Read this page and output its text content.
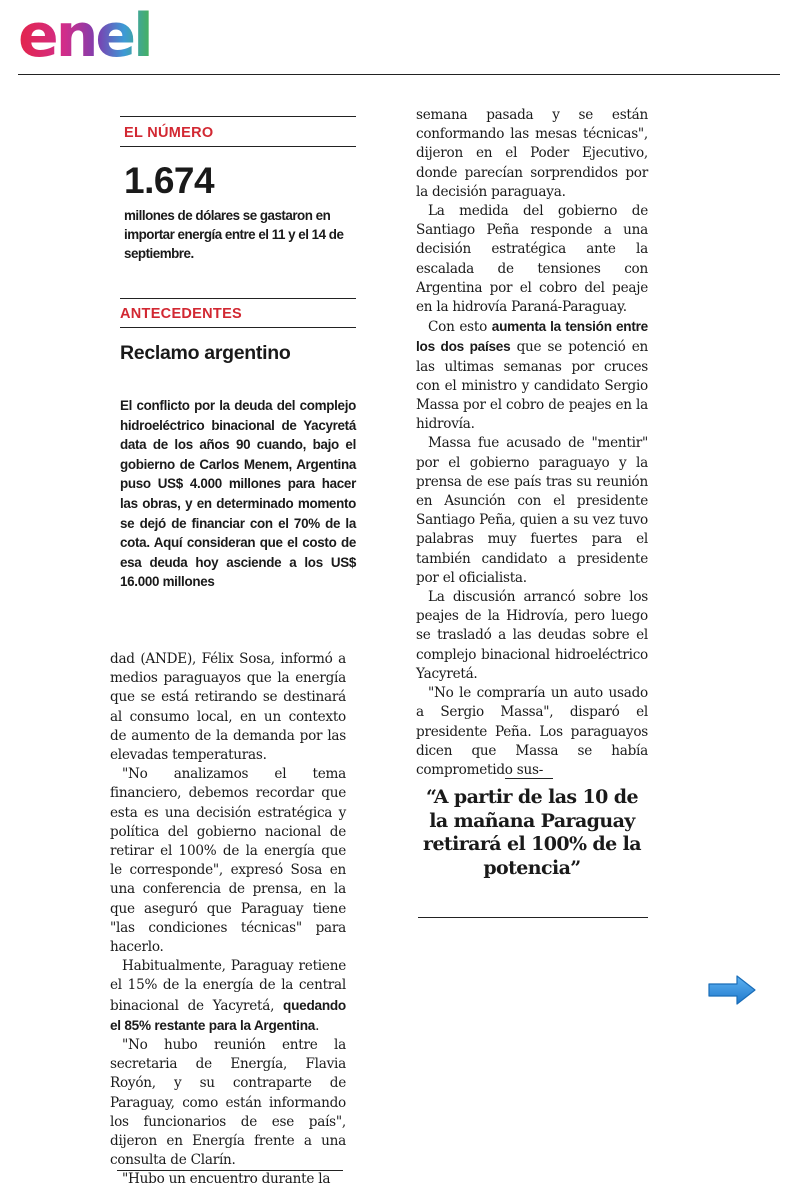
enel
EL NÚMERO
1.674
millones de dólares se gastaron en importar energía entre el 11 y el 14 de septiembre.
ANTECEDENTES
Reclamo argentino
El conflicto por la deuda del complejo hidroeléctrico binacional de Yacyretá data de los años 90 cuando, bajo el gobierno de Carlos Menem, Argentina puso US$ 4.000 millones para hacer las obras, y en determinado momento se dejó de financiar con el 70% de la cota. Aquí consideran que el costo de esa deuda hoy asciende a los US$ 16.000 millones

dad (ANDE), Félix Sosa, informó a medios paraguayos que la energía que se está retirando se destinará al consumo local, en un contexto de aumento de la demanda por las elevadas temperaturas.

"No analizamos el tema financiero, debemos recordar que esta es una decisión estratégica y política del gobierno nacional de retirar el 100% de la energía que le corresponde", expresó Sosa en una conferencia de prensa, en la que aseguró que Paraguay tiene "las condiciones técnicas" para hacerlo.

Habitualmente, Paraguay retiene el 15% de la energía de la central binacional de Yacyretá, quedando el 85% restante para la Argentina.

"No hubo reunión entre la secretaria de Energía, Flavia Royón, y su contraparte de Paraguay, como están informando los funcionarios de ese país", dijeron en Energía frente a una consulta de Clarín.

"Hubo un encuentro durante la

semana pasada y se están conformando las mesas técnicas", dijeron en el Poder Ejecutivo, donde parecían sorprendidos por la decisión paraguaya.

La medida del gobierno de Santiago Peña responde a una decisión estratégica ante la escalada de tensiones con Argentina por el cobro del peaje en la hidrovía Paraná-Paraguay.

Con esto aumenta la tensión entre los dos países que se potenció en las ultimas semanas por cruces con el ministro y candidato Sergio Massa por el cobro de peajes en la hidrovía.

Massa fue acusado de "mentir" por el gobierno paraguayo y la prensa de ese país tras su reunión en Asunción con el presidente Santiago Peña, quien a su vez tuvo palabras muy fuertes para el también candidato a presidente por el oficialista.

La discusión arrancó sobre los peajes de la Hidrovía, pero luego se trasladó a las deudas sobre el complejo binacional hidroeléctrico Yacyretá.

"No le compraría un auto usado a Sergio Massa", disparó el presidente Peña. Los paraguayos dicen que Massa se había comprometido sus-

“A partir de las 10 de la mañana Paraguay retirará el 100% de la potencia”
